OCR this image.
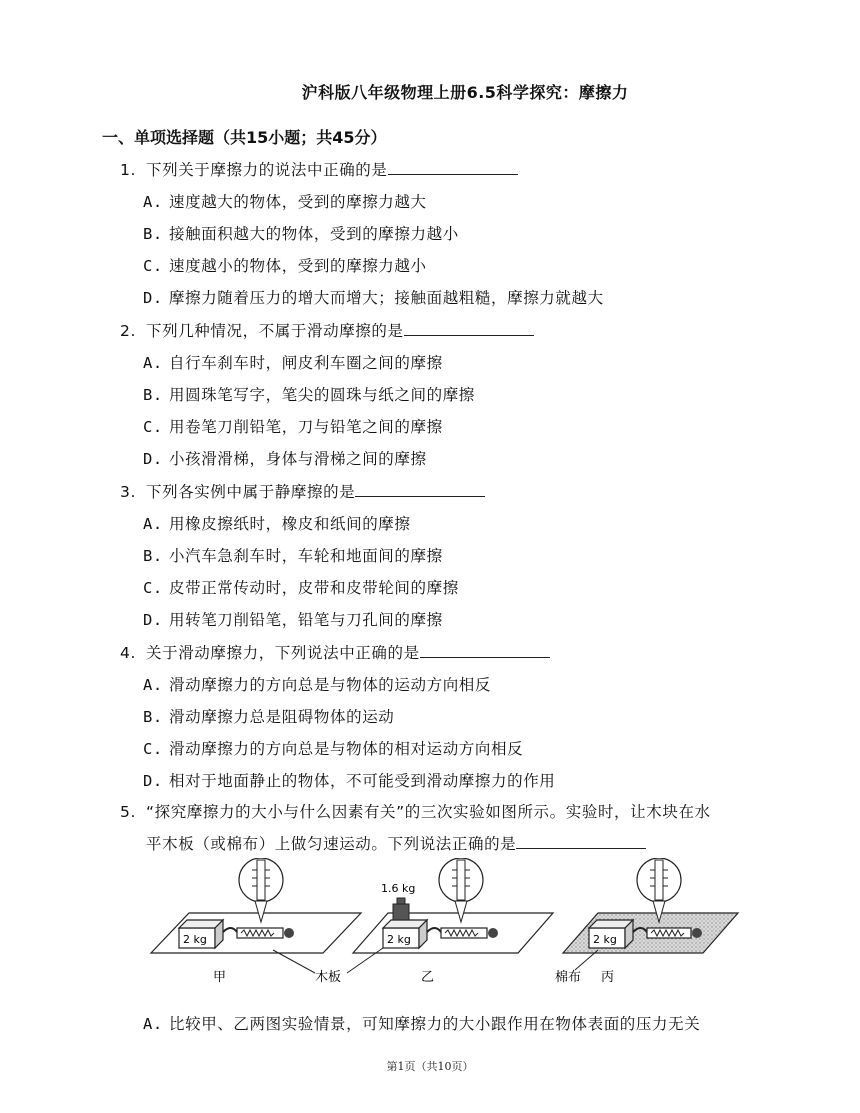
沪科版八年级物理上册6.5科学探究：摩擦力
一、单项选择题（共15小题；共45分）
1. 下列关于摩擦力的说法中正确的是
A. 速度越大的物体，受到的摩擦力越大
B. 接触面积越大的物体，受到的摩擦力越小
C. 速度越小的物体，受到的摩擦力越小
D. 摩擦力随着压力的增大而增大；接触面越粗糙，摩擦力就越大
2. 下列几种情况，不属于滑动摩擦的是
A. 自行车刹车时，闸皮利车圈之间的摩擦
B. 用圆珠笔写字，笔尖的圆珠与纸之间的摩擦
C. 用卷笔刀削铅笔，刀与铅笔之间的摩擦
D. 小孩滑滑梯，身体与滑梯之间的摩擦
3. 下列各实例中属于静摩擦的是
A. 用橡皮擦纸时，橡皮和纸间的摩擦
B. 小汽车急刹车时，车轮和地面间的摩擦
C. 皮带正常传动时，皮带和皮带轮间的摩擦
D. 用转笔刀削铅笔，铅笔与刀孔间的摩擦
4. 关于滑动摩擦力，下列说法中正确的是
A. 滑动摩擦力的方向总是与物体的运动方向相反
B. 滑动摩擦力总是阻碍物体的运动
C. 滑动摩擦力的方向总是与物体的相对运动方向相反
D. 相对于地面静止的物体，不可能受到滑动摩擦力的作用
5. “探究摩擦力的大小与什么因素有关”的三次实验如图所示。实验时，让木块在水
平木板（或棉布）上做匀速运动。下列说法正确的是
2 kg
甲	木板
2 kg
1.6 kg
乙
2 kg
棉布 丙
A. 比较甲、乙两图实验情景，可知摩擦力的大小跟作用在物体表面的压力无关
第1页（共10页）
